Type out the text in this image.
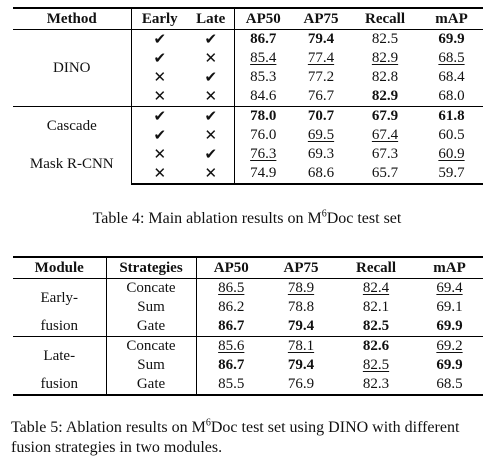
Method	Early	Late	AP50	AP75	Recall	mAP
DINO	✔	✔	86.7	79.4	82.5	69.9
	✔	✕	85.4	77.4	82.9	68.5
	✕	✔	85.3	77.2	82.8	68.4
	✕	✕	84.6	76.7	82.9	68.0
Cascade	✔	✔	78.0	70.7	67.9	61.8
	✔	✕	76.0	69.5	67.4	60.5
Mask R-CNN	✕	✔	76.3	69.3	67.3	60.9
	✕	✕	74.9	68.6	65.7	59.7
Table 4: Main ablation results on $M^6Doc$ test set
Module	Strategies	AP50	AP75	Recall	mAP
Early-	Concate	86.5	78.9	82.4	69.4
	Sum	86.2	78.8	82.1	69.1
fusion	Gate	86.7	79.4	82.5	69.9
Late-	Concate	85.6	78.1	82.6	69.2
	Sum	86.7	79.4	82.5	69.9
fusion	Gate	85.5	76.9	82.3	68.5
Table 5: Ablation results on $M^6Doc$ test set using DINO with different fusion strategies in two modules.
